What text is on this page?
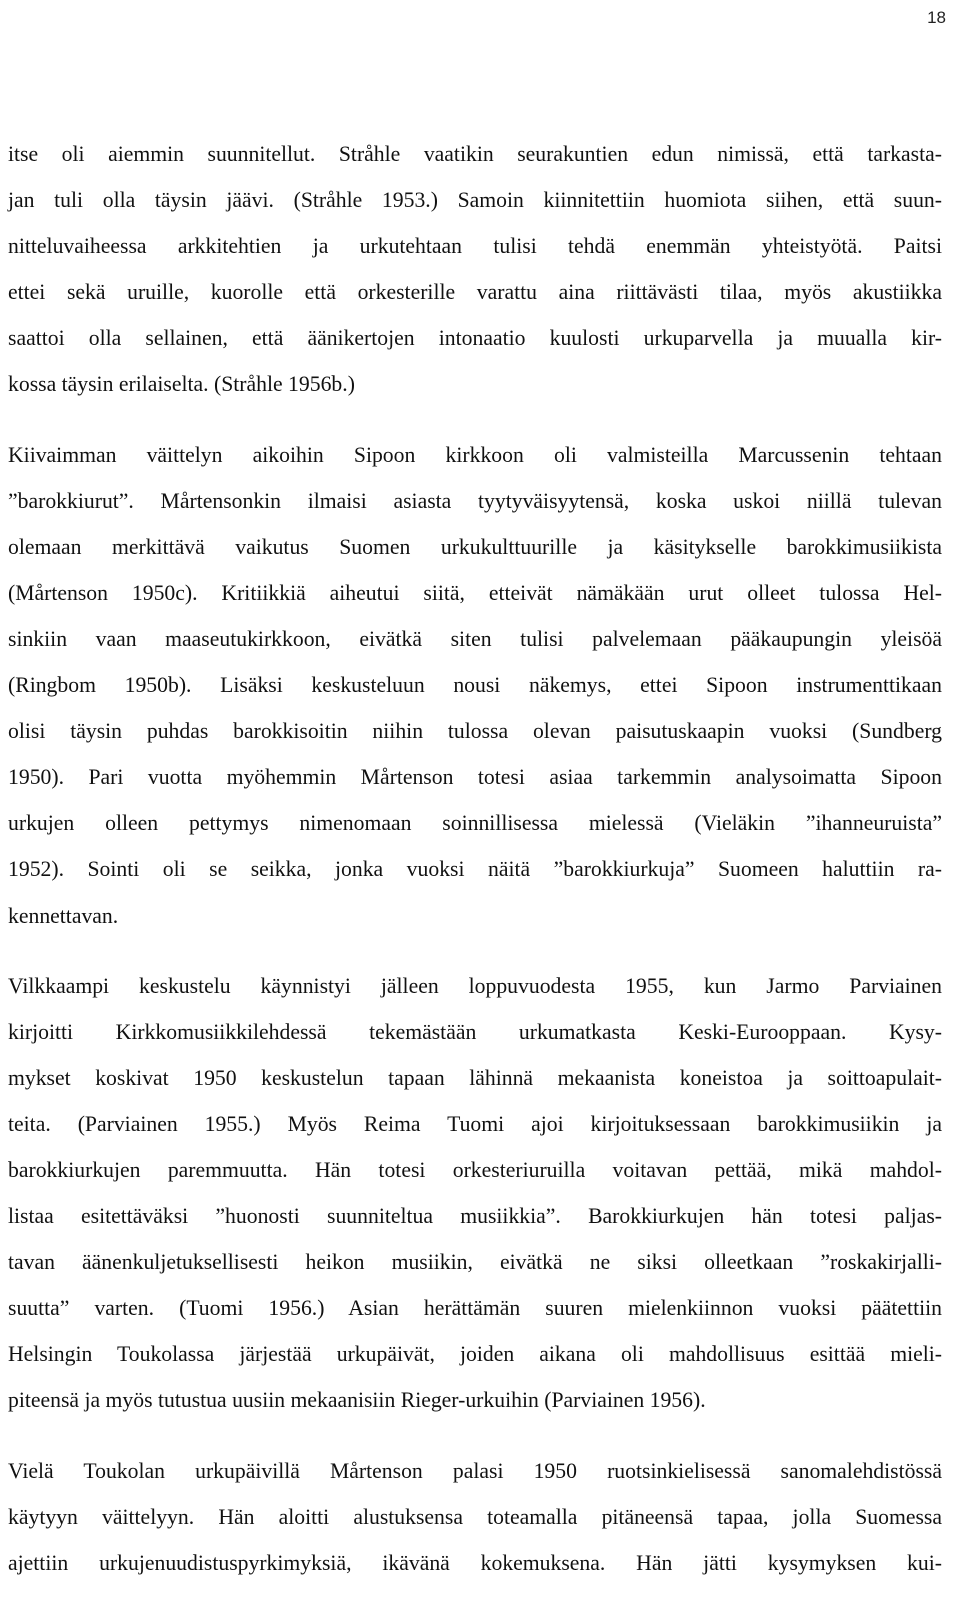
18
itse oli aiemmin suunnitellut. Stråhle vaatikin seurakuntien edun nimissä, että tarkasta-
jan tuli olla täysin jäävi. (Stråhle 1953.) Samoin kiinnitettiin huomiota siihen, että suun-
nitteluvaiheessa arkkitehtien ja urkutehtaan tulisi tehdä enemmän yhteistyötä. Paitsi
ettei sekä uruille, kuorolle että orkesterille varattu aina riittävästi tilaa, myös akustiikka
saattoi olla sellainen, että äänikertojen intonaatio kuulosti urkuparvella ja muualla kir-
kossa täysin erilaiselta. (Stråhle 1956b.)
Kiivaimman väittelyn aikoihin Sipoon kirkkoon oli valmisteilla Marcussenin tehtaan
”barokkiurut”. Mårtensonkin ilmaisi asiasta tyytyväisyytensä, koska uskoi niillä tulevan
olemaan merkittävä vaikutus Suomen urkukulttuurille ja käsitykselle barokkimusiikista
(Mårtenson 1950c). Kritiikkiä aiheutui siitä, etteivät nämäkään urut olleet tulossa Hel-
sinkiin vaan maaseutukirkkoon, eivätkä siten tulisi palvelemaan pääkaupungin yleisöä
(Ringbom 1950b). Lisäksi keskusteluun nousi näkemys, ettei Sipoon instrumenttikaan
olisi täysin puhdas barokkisoitin niihin tulossa olevan paisutuskaapin vuoksi (Sundberg
1950). Pari vuotta myöhemmin Mårtenson totesi asiaa tarkemmin analysoimatta Sipoon
urkujen olleen pettymys nimenomaan soinnillisessa mielessä (Vieläkin ”ihanneuruista”
1952). Sointi oli se seikka, jonka vuoksi näitä ”barokkiurkuja” Suomeen haluttiin ra-
kennettavan.
Vilkkaampi keskustelu käynnistyi jälleen loppuvuodesta 1955, kun Jarmo Parviainen
kirjoitti Kirkkomusiikkilehdessä tekemästään urkumatkasta Keski-Eurooppaan. Kysy-
mykset koskivat 1950 keskustelun tapaan lähinnä mekaanista koneistoa ja soittoapulait-
teita. (Parviainen 1955.) Myös Reima Tuomi ajoi kirjoituksessaan barokkimusiikin ja
barokkiurkujen paremmuutta. Hän totesi orkesteriuruilla voitavan pettää, mikä mahdol-
listaa esitettäväksi ”huonosti suunniteltua musiikkia”. Barokkiurkujen hän totesi paljas-
tavan äänenkuljetuksellisesti heikon musiikin, eivätkä ne siksi olleetkaan ”roskakirjalli-
suutta” varten. (Tuomi 1956.) Asian herättämän suuren mielenkiinnon vuoksi päätettiin
Helsingin Toukolassa järjestää urkupäivät, joiden aikana oli mahdollisuus esittää mieli-
piteensä ja myös tutustua uusiin mekaanisiin Rieger-urkuihin (Parviainen 1956).
Vielä Toukolan urkupäivillä Mårtenson palasi 1950 ruotsinkielisessä sanomalehdistössä
käytyyn väittelyyn. Hän aloitti alustuksensa toteamalla pitäneensä tapaa, jolla Suomessa
ajettiin urkujenuudistuspyrkimyksiä, ikävänä kokemuksena. Hän jätti kysymyksen kui-
